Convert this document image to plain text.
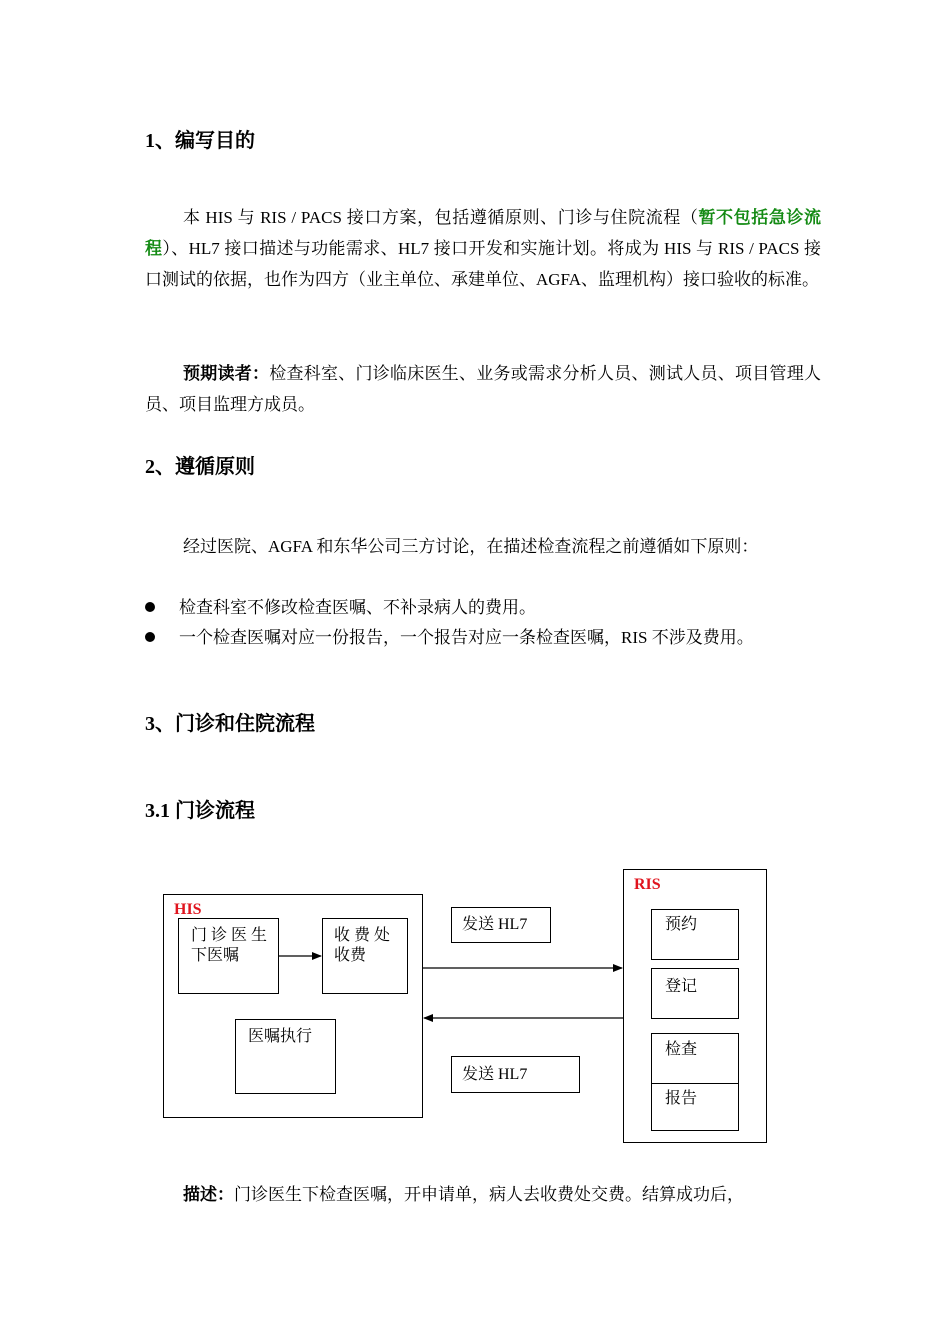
1、编写目的

本 HIS 与 RIS / PACS 接口方案，包括遵循原则、门诊与住院流程（暂不包括急诊流程）、HL7 接口描述与功能需求、HL7 接口开发和实施计划。将成为 HIS 与 RIS / PACS 接口测试的依据，也作为四方（业主单位、承建单位、AGFA、监理机构）接口验收的标准。

预期读者：检查科室、门诊临床医生、业务或需求分析人员、测试人员、项目管理人员、项目监理方成员。

2、遵循原则

经过医院、AGFA 和东华公司三方讨论，在描述检查流程之前遵循如下原则：

检查科室不修改检查医嘱、不补录病人的费用。
一个检查医嘱对应一份报告，一个报告对应一条检查医嘱，RIS 不涉及费用。
3、门诊和住院流程
3.1 门诊流程
HIS
门 诊 医 生 下医嘱
收 费 处 收费
医嘱执行
发送 HL7
发送 HL7
RIS
预约
登记
检查
报告

描述：门诊医生下检查医嘱，开申请单，病人去收费处交费。结算成功后，
